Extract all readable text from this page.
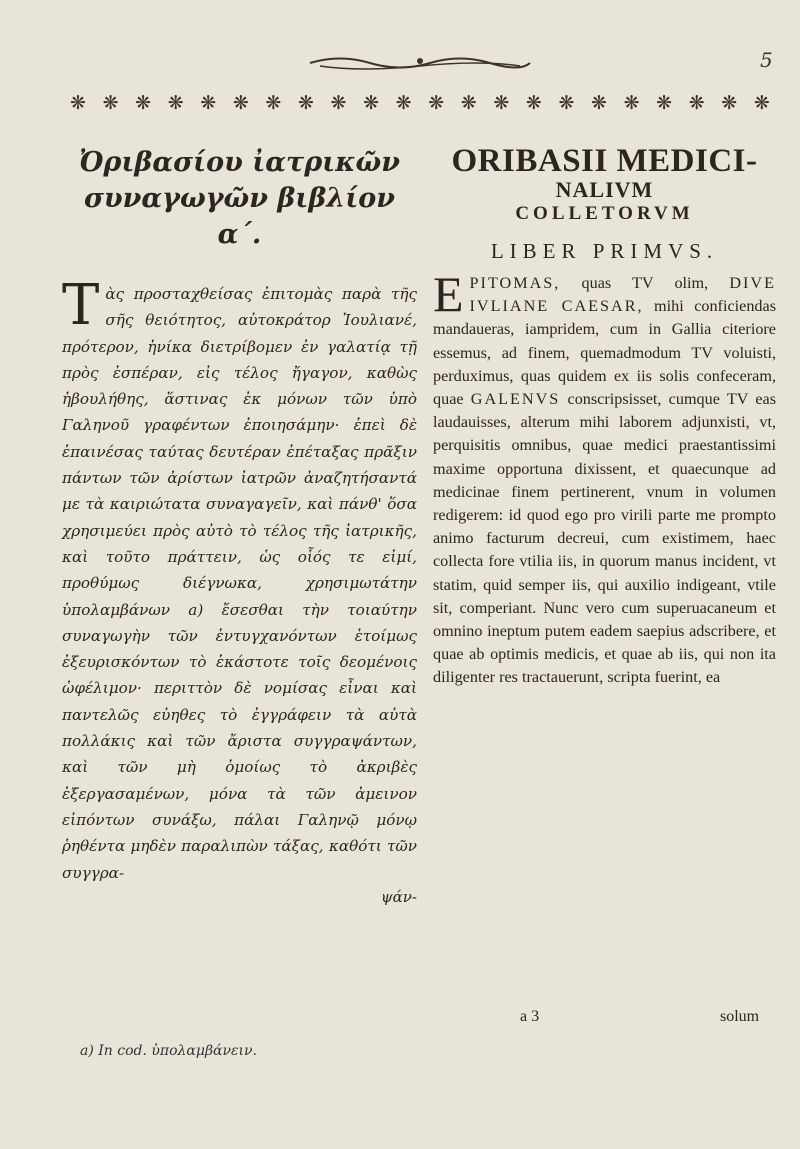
5
❋ ❋ ❋ ❋ ❋ ❋ ❋ ❋ ❋ ❋ ❋ ❋ ❋ ❋ ❋ ❋ ❋ ❋ ❋ ❋ ❋ ❋
Ὀριβασίου ἰατρικῶν συναγωγῶν βιβλίον α΄.
Τὰς προσταχθείσας ἐπιτομὰς παρὰ τῆς σῆς θειότητος, αὐτοκράτορ Ἰουλιανέ, πρότερον, ἡνίκα διετρίβομεν ἐν γαλατίᾳ τῇ πρὸς ἑσπέραν, εἰς τέλος ἤγαγον, καθὼς ἠβουλήθης, ἅστινας ἐκ μόνων τῶν ὑπὸ Γαληνοῦ γραφέντων ἐποιησάμην· ἐπεὶ δὲ ἐπαινέσας ταύτας δευτέραν ἐπέταξας πρᾶξιν πάντων τῶν ἀρίστων ἰατρῶν ἀναζητήσαντά με τὰ καιριώτατα συναγαγεῖν, καὶ πάνθ' ὅσα χρησιμεύει πρὸς αὐτὸ τὸ τέλος τῆς ἰατρικῆς, καὶ τοῦτο πράττειν, ὡς οἷός τε εἰμί, προθύμως διέγνωκα, χρησιμωτάτην ὑπολαμβάνων a) ἔσεσθαι τὴν τοιαύτην συναγωγὴν τῶν ἐντυγχανόντων ἑτοίμως ἐξευρισκόντων τὸ ἑκάστοτε τοῖς δεομένοις ὠφέλιμον· περιττὸν δὲ νομίσας εἶναι καὶ παντελῶς εὐηθες τὸ ἐγγράφειν τὰ αὐτὰ πολλάκις καὶ τῶν ἄριστα συγγραψάντων, καὶ τῶν μὴ ὁμοίως τὸ ἀκριβὲς ἐξεργασαμένων, μόνα τὰ τῶν ἀμεινον εἰπόντων συνάξω, πάλαι Γαληνῷ μόνῳ ῥηθέντα μηδὲν παραλιπὼν τάξας, καθότι τῶν συγγρα-
ψάν-
a) In cod. ὑπολαμβάνειν.
ORIBASII MEDICI-
NALIVM
COLLETORVM
LIBER PRIMVS.
EPITOMAS, quas TV olim, DIVE IVLIANE CAESAR, mihi conficiendas mandaueras, iampridem, cum in Gallia citeriore essemus, ad finem, quemadmodum TV voluisti, perduximus, quas quidem ex iis solis confeceram, quae GALENVS conscripsisset, cumque TV eas laudauisses, alterum mihi laborem adjunxisti, vt, perquisitis omnibus, quae medici praestantissimi maxime opportuna dixissent, et quaecunque ad medicinae finem pertinerent, vnum in volumen redigerem: id quod ego pro virili parte me prompto animo facturum decreui, cum existimem, haec collecta fore vtilia iis, in quorum manus incident, vt statim, quid semper iis, qui auxilio indigeant, vtile sit, comperiant. Nunc vero cum superuacaneum et omnino ineptum putem eadem saepius adscribere, et quae ab optimis medicis, et quae ab iis, qui non ita diligenter res tractauerunt, scripta fuerint, ea
a 3	solum
